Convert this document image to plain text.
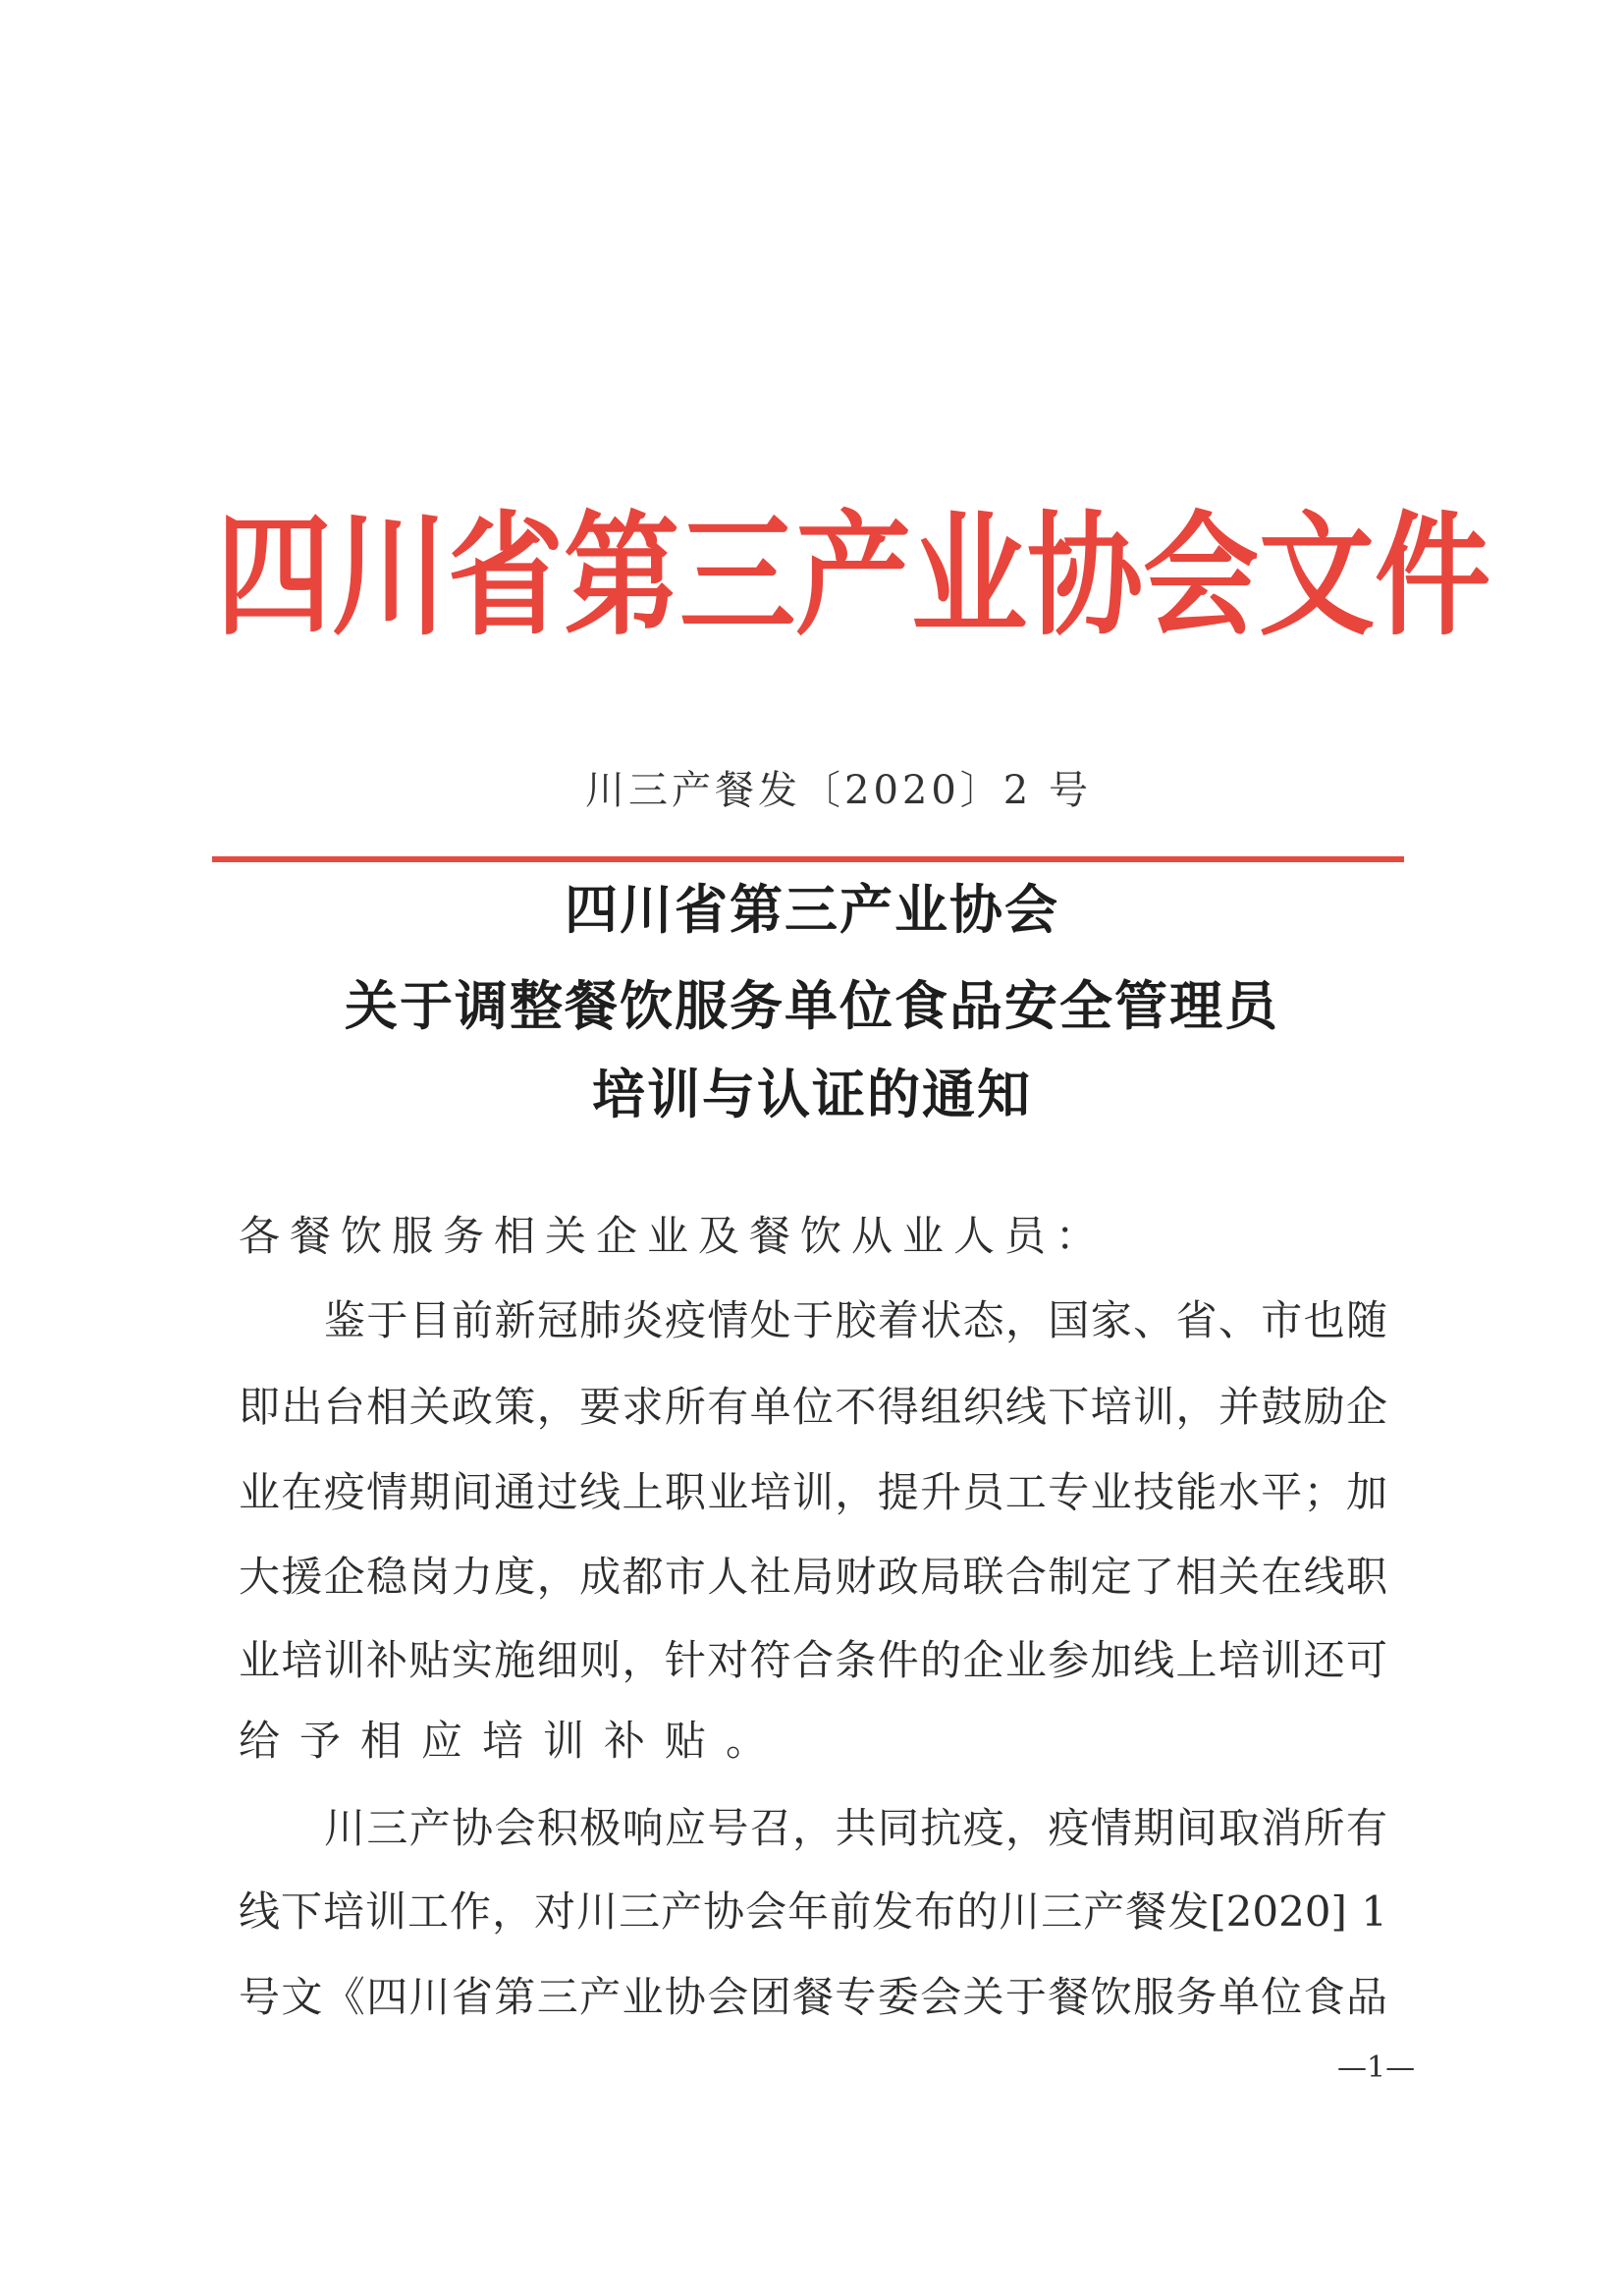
四川省第三产业协会文件
川三产餐发〔2020〕2 号
四川省第三产业协会
关于调整餐饮服务单位食品安全管理员
培训与认证的通知
各餐饮服务相关企业及餐饮从业人员：
鉴于目前新冠肺炎疫情处于胶着状态，国家、省、市也随
即出台相关政策，要求所有单位不得组织线下培训，并鼓励企
业在疫情期间通过线上职业培训，提升员工专业技能水平；加
大援企稳岗力度，成都市人社局财政局联合制定了相关在线职
业培训补贴实施细则，针对符合条件的企业参加线上培训还可
给予相应培训补贴。
川三产协会积极响应号召，共同抗疫，疫情期间取消所有
线下培训工作，对川三产协会年前发布的川三产餐发[2020] 1
号文《四川省第三产业协会团餐专委会关于餐饮服务单位食品
—1—
